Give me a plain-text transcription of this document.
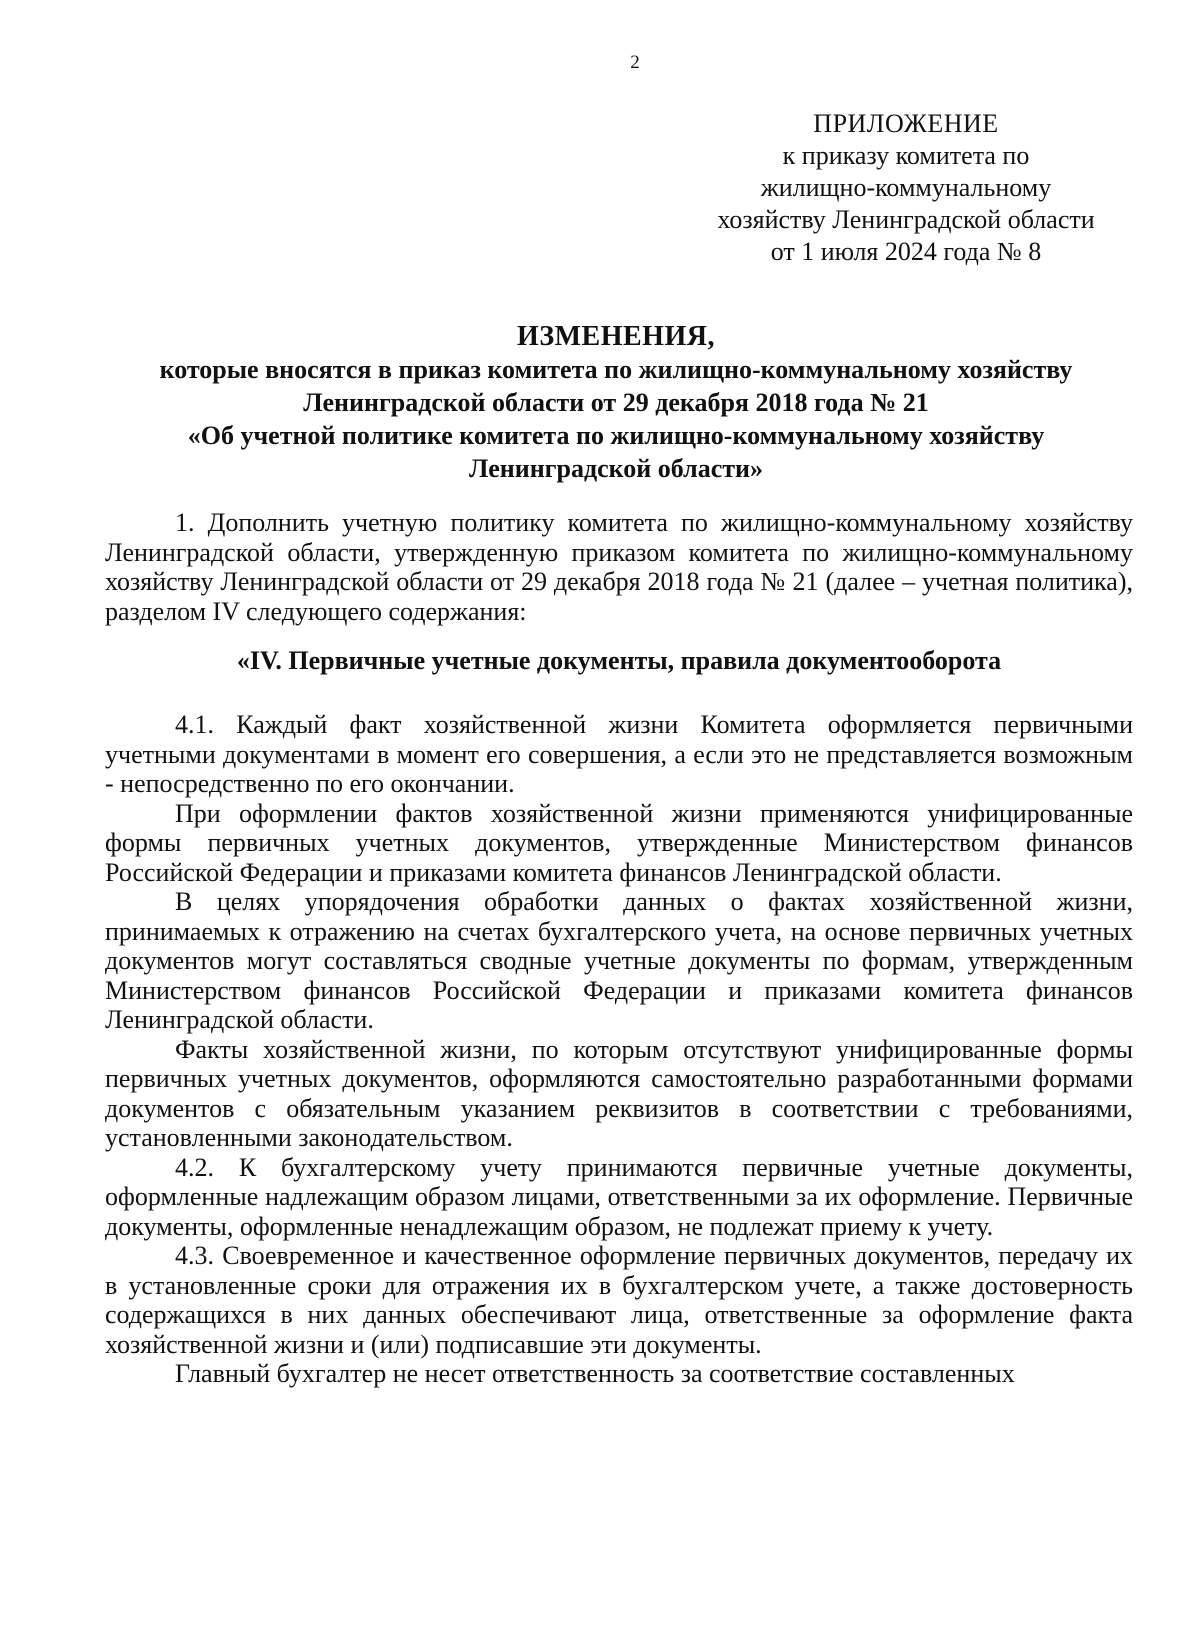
2
ПРИЛОЖЕНИЕ
к приказу комитета по
жилищно-коммунальному
хозяйству Ленинградской области
от 1 июля 2024 года № 8
ИЗМЕНЕНИЯ,
которые вносятся в приказ комитета по жилищно-коммунальному хозяйству
Ленинградской области от 29 декабря 2018 года № 21
«Об учетной политике комитета по жилищно-коммунальному хозяйству
Ленинградской области»

1. Дополнить учетную политику комитета по жилищно-коммунальному хозяйству Ленинградской области, утвержденную приказом комитета по жилищно-коммунальному хозяйству Ленинградской области от 29 декабря 2018 года № 21 (далее – учетная политика), разделом IV следующего содержания:

«IV. Первичные учетные документы, правила документооборота

4.1. Каждый факт хозяйственной жизни Комитета оформляется первичными учетными документами в момент его совершения, а если это не представляется возможным - непосредственно по его окончании.

При оформлении фактов хозяйственной жизни применяются унифицированные формы первичных учетных документов, утвержденные Министерством финансов Российской Федерации и приказами комитета финансов Ленинградской области.

В целях упорядочения обработки данных о фактах хозяйственной жизни, принимаемых к отражению на счетах бухгалтерского учета, на основе первичных учетных документов могут составляться сводные учетные документы по формам, утвержденным Министерством финансов Российской Федерации и приказами комитета финансов Ленинградской области.

Факты хозяйственной жизни, по которым отсутствуют унифицированные формы первичных учетных документов, оформляются самостоятельно разработанными формами документов с обязательным указанием реквизитов в соответствии с требованиями, установленными законодательством.

4.2. К бухгалтерскому учету принимаются первичные учетные документы, оформленные надлежащим образом лицами, ответственными за их оформление. Первичные документы, оформленные ненадлежащим образом, не подлежат приему к учету.

4.3. Своевременное и качественное оформление первичных документов, передачу их в установленные сроки для отражения их в бухгалтерском учете, а также достоверность содержащихся в них данных обеспечивают лица, ответственные за оформление факта хозяйственной жизни и (или) подписавшие эти документы.

Главный бухгалтер не несет ответственность за соответствие составленных
